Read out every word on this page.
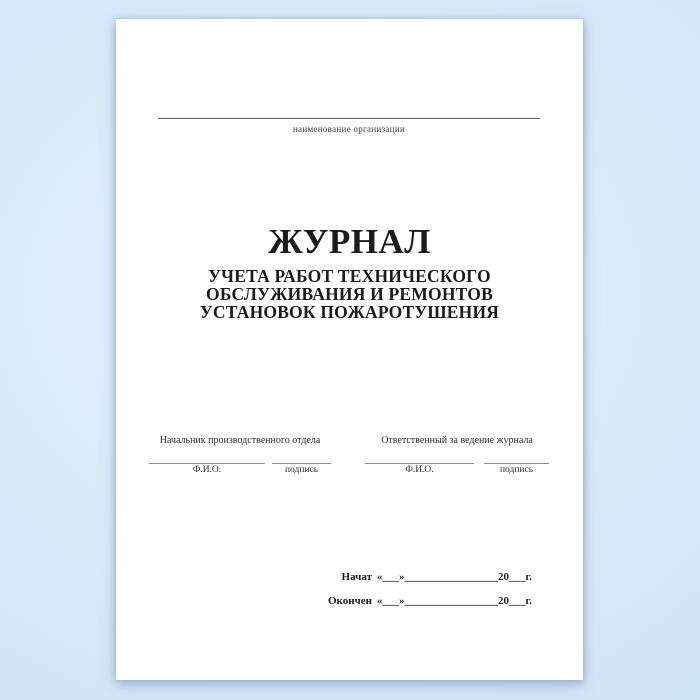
наименование организации
ЖУРНАЛ
УЧЕТА РАБОТ ТЕХНИЧЕСКОГО
ОБСЛУЖИВАНИЯ И РЕМОНТОВ
УСТАНОВОК ПОЖАРОТУШЕНИЯ
Начальник производственного отдела
Ф.И.О.	подпись
Ответственный за ведение журнала
Ф.И.О.	подпись
Начат «___»_________________20___г.
Окончен «___»_________________20___г.
